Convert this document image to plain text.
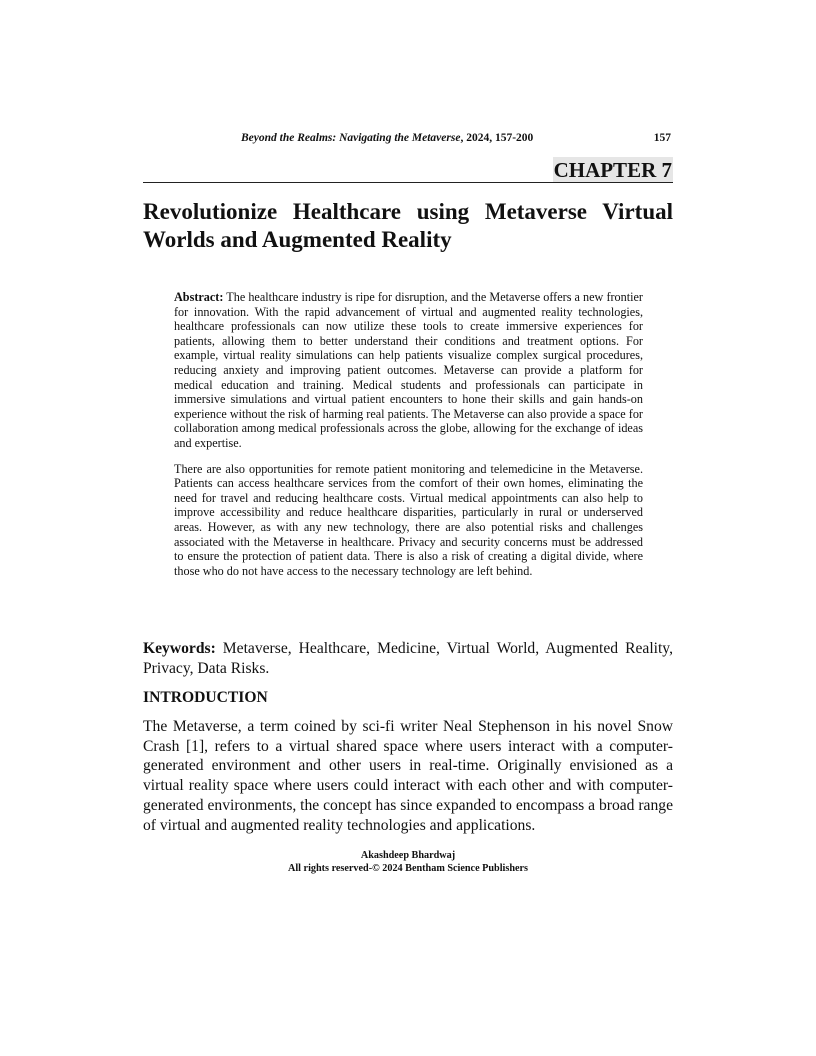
Beyond the Realms: Navigating the Metaverse, 2024, 157-200	157
CHAPTER 7
Revolutionize Healthcare using Metaverse Virtual Worlds and Augmented Reality

Abstract: The healthcare industry is ripe for disruption, and the Metaverse offers a new frontier for innovation. With the rapid advancement of virtual and augmented reality technologies, healthcare professionals can now utilize these tools to create immersive experiences for patients, allowing them to better understand their conditions and treatment options. For example, virtual reality simulations can help patients visualize complex surgical procedures, reducing anxiety and improving patient outcomes. Metaverse can provide a platform for medical education and training. Medical students and professionals can participate in immersive simulations and virtual patient encounters to hone their skills and gain hands-on experience without the risk of harming real patients. The Metaverse can also provide a space for collaboration among medical professionals across the globe, allowing for the exchange of ideas and expertise.

There are also opportunities for remote patient monitoring and telemedicine in the Metaverse. Patients can access healthcare services from the comfort of their own homes, eliminating the need for travel and reducing healthcare costs. Virtual medical appointments can also help to improve accessibility and reduce healthcare disparities, particularly in rural or underserved areas. However, as with any new technology, there are also potential risks and challenges associated with the Metaverse in healthcare. Privacy and security concerns must be addressed to ensure the protection of patient data. There is also a risk of creating a digital divide, where those who do not have access to the necessary technology are left behind.

Keywords: Metaverse, Healthcare, Medicine, Virtual World, Augmented Reality, Privacy, Data Risks.

INTRODUCTION

The Metaverse, a term coined by sci-fi writer Neal Stephenson in his novel Snow Crash [1], refers to a virtual shared space where users interact with a computer-generated environment and other users in real-time. Originally envisioned as a virtual reality space where users could interact with each other and with computer-generated environments, the concept has since expanded to encompass a broad range of virtual and augmented reality technologies and applications.

Akashdeep Bhardwaj
All rights reserved-© 2024 Bentham Science Publishers
